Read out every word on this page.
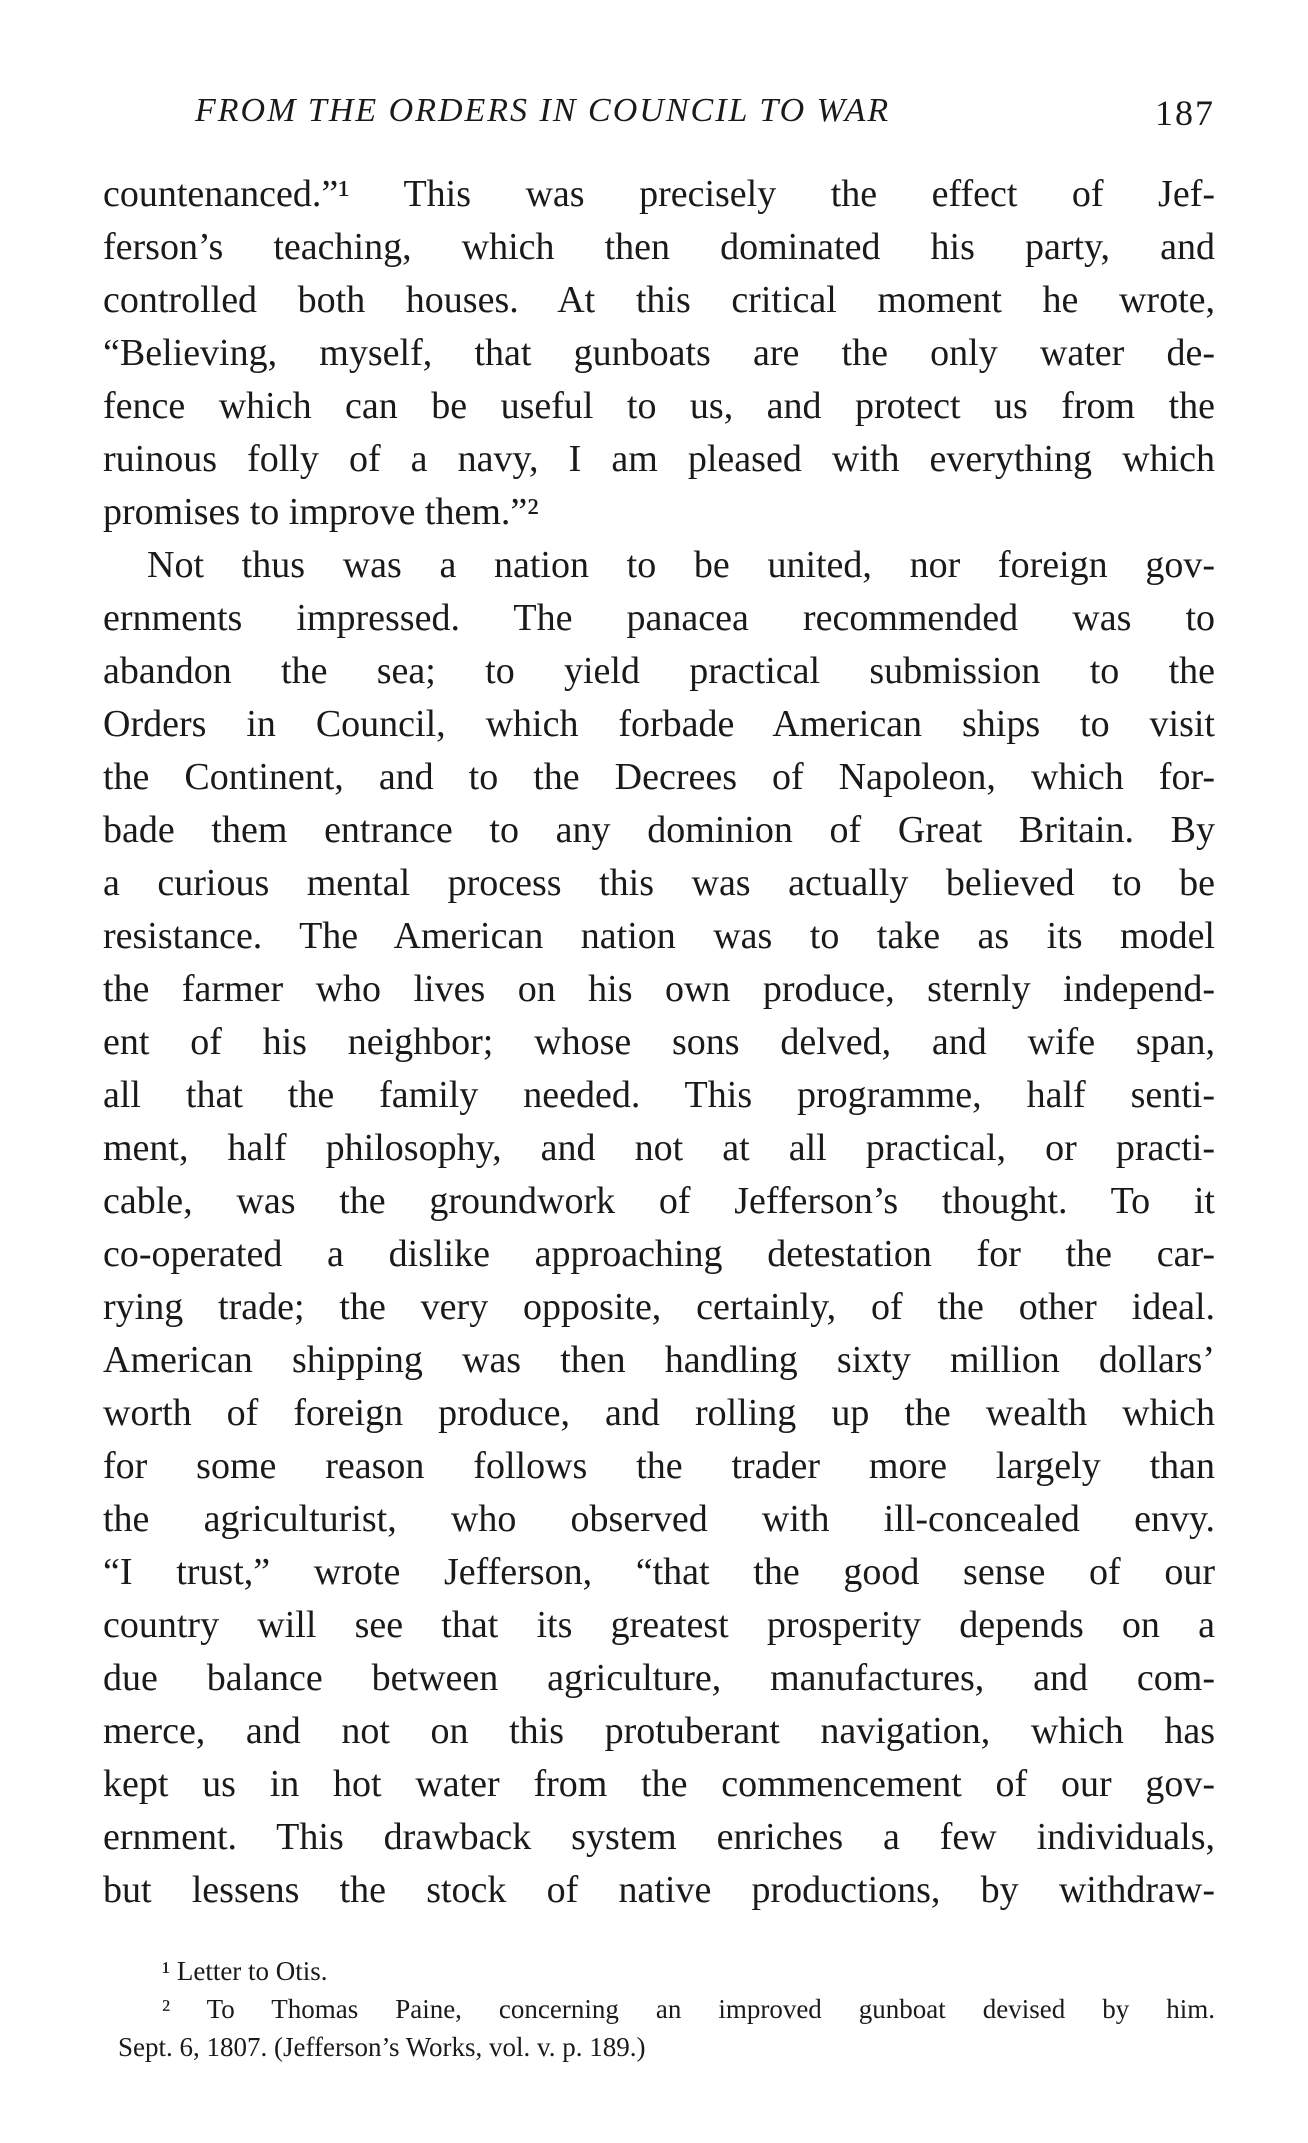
FROM THE ORDERS IN COUNCIL TO WAR	187
countenanced.”¹ This was precisely the effect of Jef-
ferson’s teaching, which then dominated his party, and
controlled both houses. At this critical moment he wrote,
“Believing, myself, that gunboats are the only water de-
fence which can be useful to us, and protect us from the
ruinous folly of a navy, I am pleased with everything which
promises to improve them.”²
Not thus was a nation to be united, nor foreign gov-
ernments impressed. The panacea recommended was to
abandon the sea; to yield practical submission to the
Orders in Council, which forbade American ships to visit
the Continent, and to the Decrees of Napoleon, which for-
bade them entrance to any dominion of Great Britain. By
a curious mental process this was actually believed to be
resistance. The American nation was to take as its model
the farmer who lives on his own produce, sternly independ-
ent of his neighbor; whose sons delved, and wife span,
all that the family needed. This programme, half senti-
ment, half philosophy, and not at all practical, or practi-
cable, was the groundwork of Jefferson’s thought. To it
co-operated a dislike approaching detestation for the car-
rying trade; the very opposite, certainly, of the other ideal.
American shipping was then handling sixty million dollars’
worth of foreign produce, and rolling up the wealth which
for some reason follows the trader more largely than
the agriculturist, who observed with ill-concealed envy.
“I trust,” wrote Jefferson, “that the good sense of our
country will see that its greatest prosperity depends on a
due balance between agriculture, manufactures, and com-
merce, and not on this protuberant navigation, which has
kept us in hot water from the commencement of our gov-
ernment. This drawback system enriches a few individuals,
but lessens the stock of native productions, by withdraw-
¹ Letter to Otis.
² To Thomas Paine, concerning an improved gunboat devised by him.
Sept. 6, 1807. (Jefferson’s Works, vol. v. p. 189.)
